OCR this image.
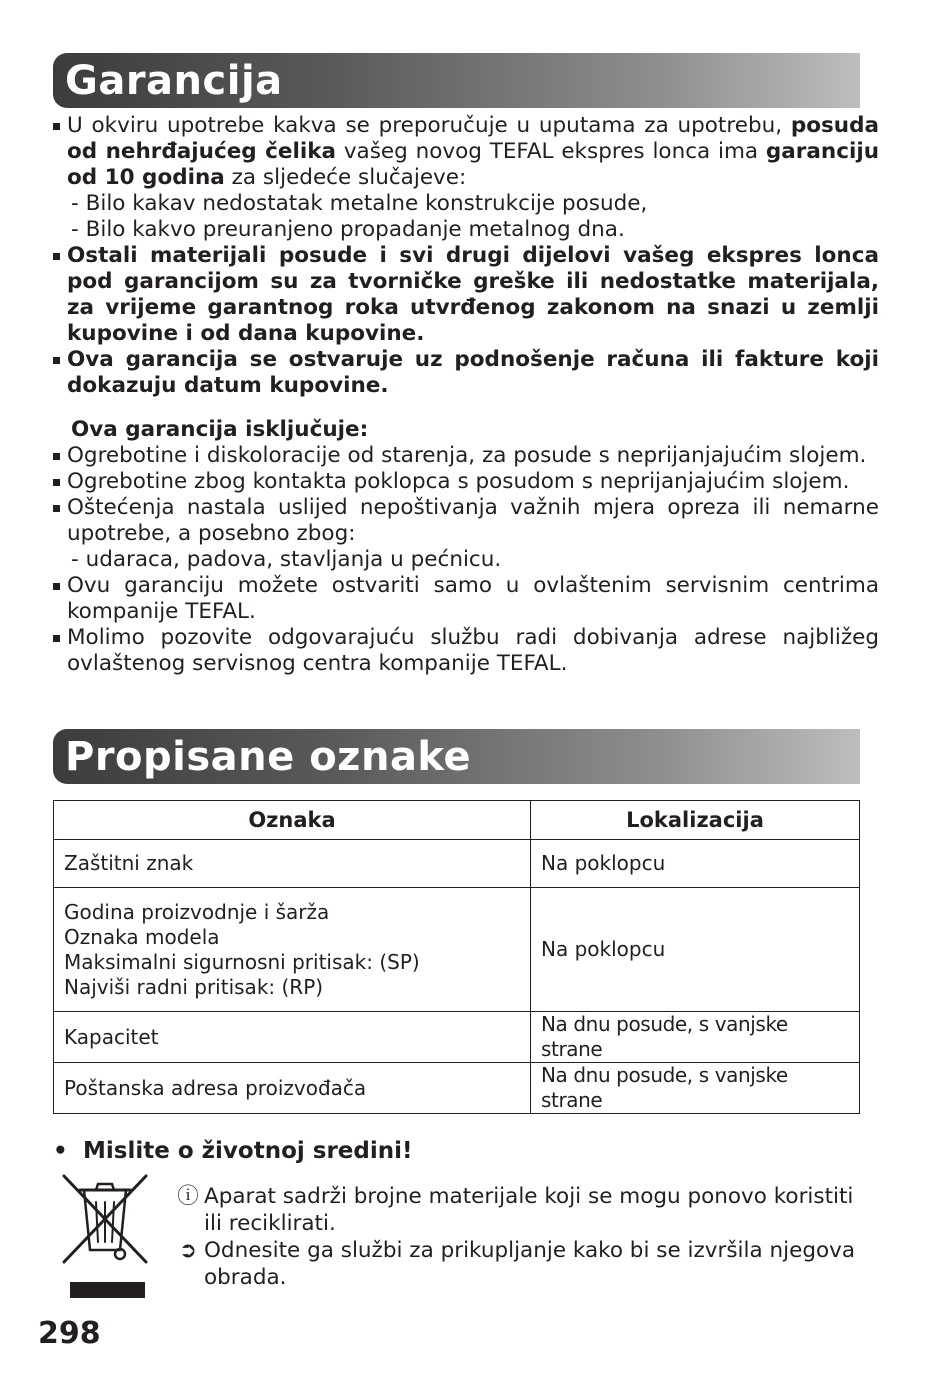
Garancija
U okviru upotrebe kakva se preporučuje u uputama za upotrebu, posuda od nehrđajućeg čelika vašeg novog TEFAL ekspres lonca ima garanciju od 10 godina za sljedeće slučajeve:
- Bilo kakav nedostatak metalne konstrukcije posude,
- Bilo kakvo preuranjeno propadanje metalnog dna.
Ostali materijali posude i svi drugi dijelovi vašeg ekspres lonca pod garancijom su za tvorničke greške ili nedostatke materijala, za vrijeme garantnog roka utvrđenog zakonom na snazi u zemlji kupovine i od dana kupovine.
Ova garancija se ostvaruje uz podnošenje računa ili fakture koji dokazuju datum kupovine.
Ova garancija isključuje:
Ogrebotine i diskoloracije od starenja, za posude s neprijanjajućim slojem.
Ogrebotine zbog kontakta poklopca s posudom s neprijanjajućim slojem.
Oštećenja nastala uslijed nepoštivanja važnih mjera opreza ili nemarne upotrebe, a posebno zbog:
- udaraca, padova, stavljanja u pećnicu.
Ovu garanciju možete ostvariti samo u ovlaštenim servisnim centrima kompanije TEFAL.
Molimo pozovite odgovarajuću službu radi dobivanja adrese najbližeg ovlaštenog servisnog centra kompanije TEFAL.
Propisane oznake
Oznaka	Lokalizacija
Zaštitni znak	Na poklopcu

Godina proizvodnje i šarža
Oznaka modela
Maksimalni sigurnosni pritisak: (SP)
Najviši radni pritisak: (RP)	Na poklopcu
Kapacitet	Na dnu posude, s vanjske strane
Poštanska adresa proizvođača	Na dnu posude, s vanjske strane
• Mislite o životnoj sredini!
ⓘ Aparat sadrži brojne materijale koji se mogu ponovo koristiti ili reciklirati.
➲ Odnesite ga službi za prikupljanje kako bi se izvršila njegova obrada.
298
